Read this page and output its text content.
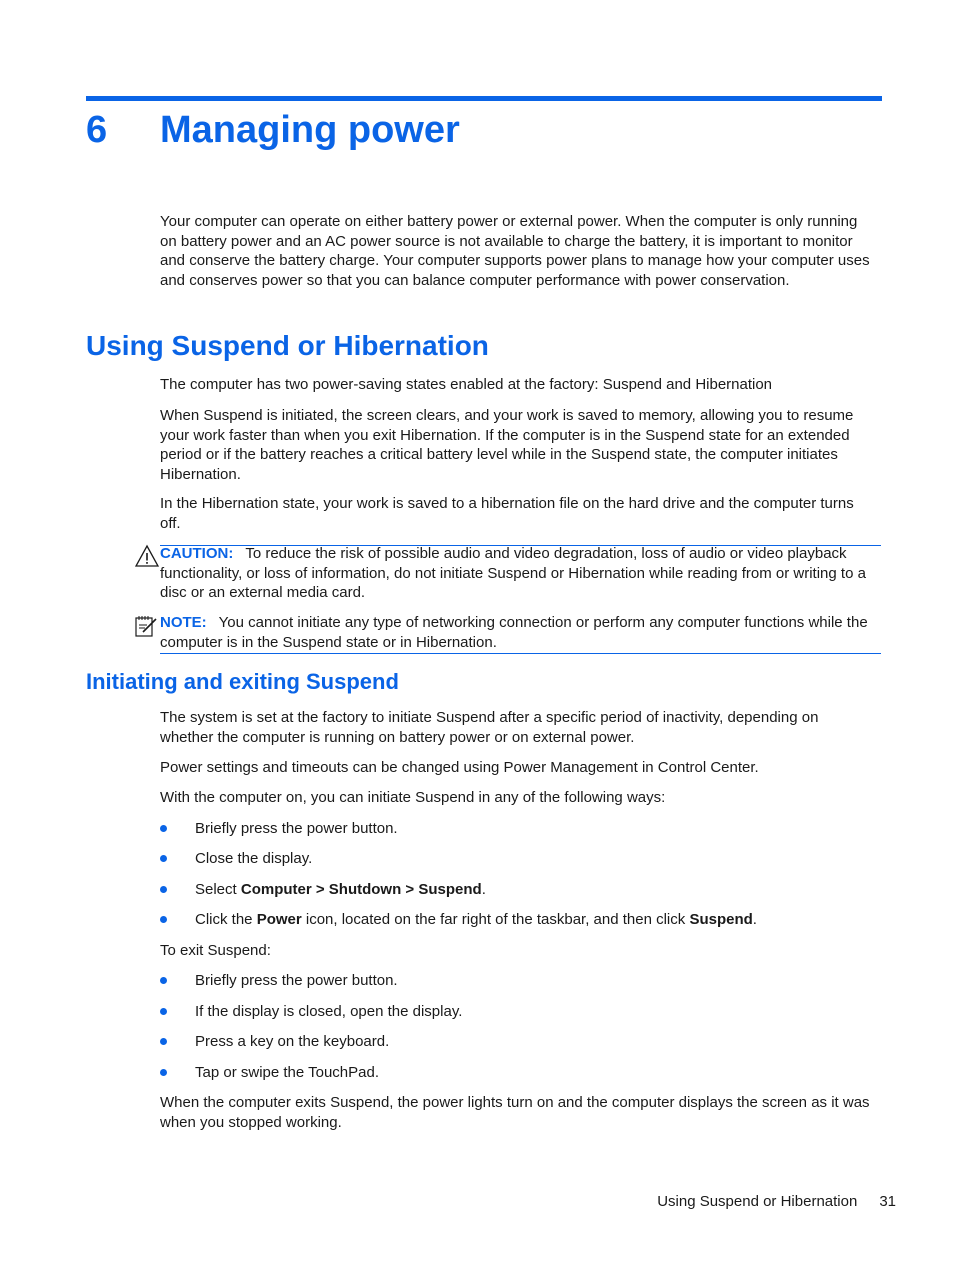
6 Managing power

Your computer can operate on either battery power or external power. When the computer is only running on battery power and an AC power source is not available to charge the battery, it is important to monitor and conserve the battery charge. Your computer supports power plans to manage how your computer uses and conserves power so that you can balance computer performance with power conservation.

Using Suspend or Hibernation

The computer has two power-saving states enabled at the factory: Suspend and Hibernation

When Suspend is initiated, the screen clears, and your work is saved to memory, allowing you to resume your work faster than when you exit Hibernation. If the computer is in the Suspend state for an extended period or if the battery reaches a critical battery level while in the Suspend state, the computer initiates Hibernation.

In the Hibernation state, your work is saved to a hibernation file on the hard drive and the computer turns off.

CAUTION: To reduce the risk of possible audio and video degradation, loss of audio or video playback functionality, or loss of information, do not initiate Suspend or Hibernation while reading from or writing to a disc or an external media card.

NOTE: You cannot initiate any type of networking connection or perform any computer functions while the computer is in the Suspend state or in Hibernation.

Initiating and exiting Suspend

The system is set at the factory to initiate Suspend after a specific period of inactivity, depending on whether the computer is running on battery power or on external power.

Power settings and timeouts can be changed using Power Management in Control Center.

With the computer on, you can initiate Suspend in any of the following ways:

Briefly press the power button.
Close the display.
Select Computer > Shutdown > Suspend.
Click the Power icon, located on the far right of the taskbar, and then click Suspend.

To exit Suspend:

Briefly press the power button.
If the display is closed, open the display.
Press a key on the keyboard.
Tap or swipe the TouchPad.

When the computer exits Suspend, the power lights turn on and the computer displays the screen as it was when you stopped working.

Using Suspend or Hibernation 31
